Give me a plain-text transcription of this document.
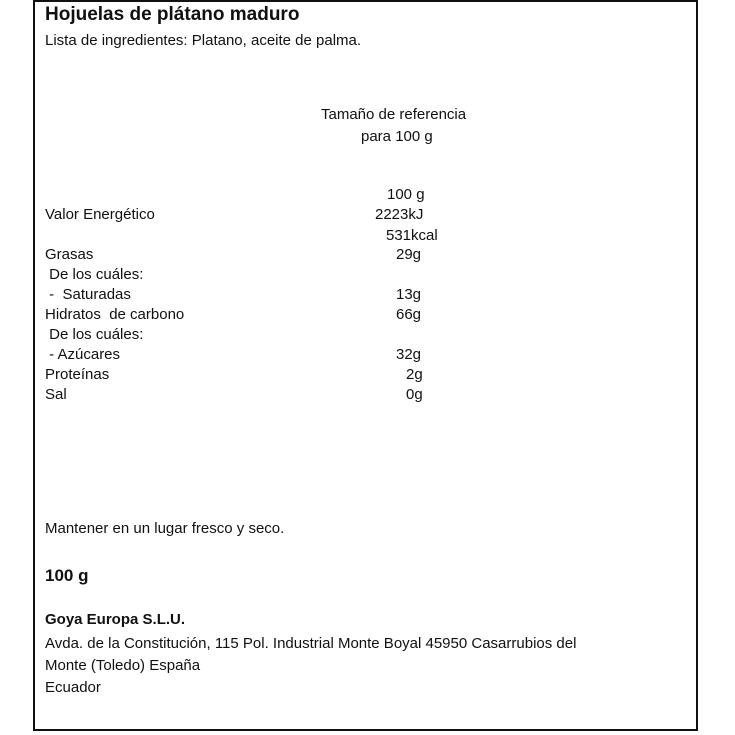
Hojuelas de plátano maduro
Lista de ingredientes: Platano, aceite de palma.
Tamaño de referencia
para 100 g
100 g
Valor Energético	2223kJ
531kcal
Grasas	29g
De los cuáles:
-  Saturadas	13g
Hidratos  de carbono	66g
De los cuáles:
- Azúcares	32g
Proteínas	2g
Sal	0g
Mantener en un lugar fresco y seco.
100 g
Goya Europa S.L.U.
Avda. de la Constitución, 115 Pol. Industrial Monte Boyal 45950 Casarrubios del
Monte (Toledo) España
Ecuador
